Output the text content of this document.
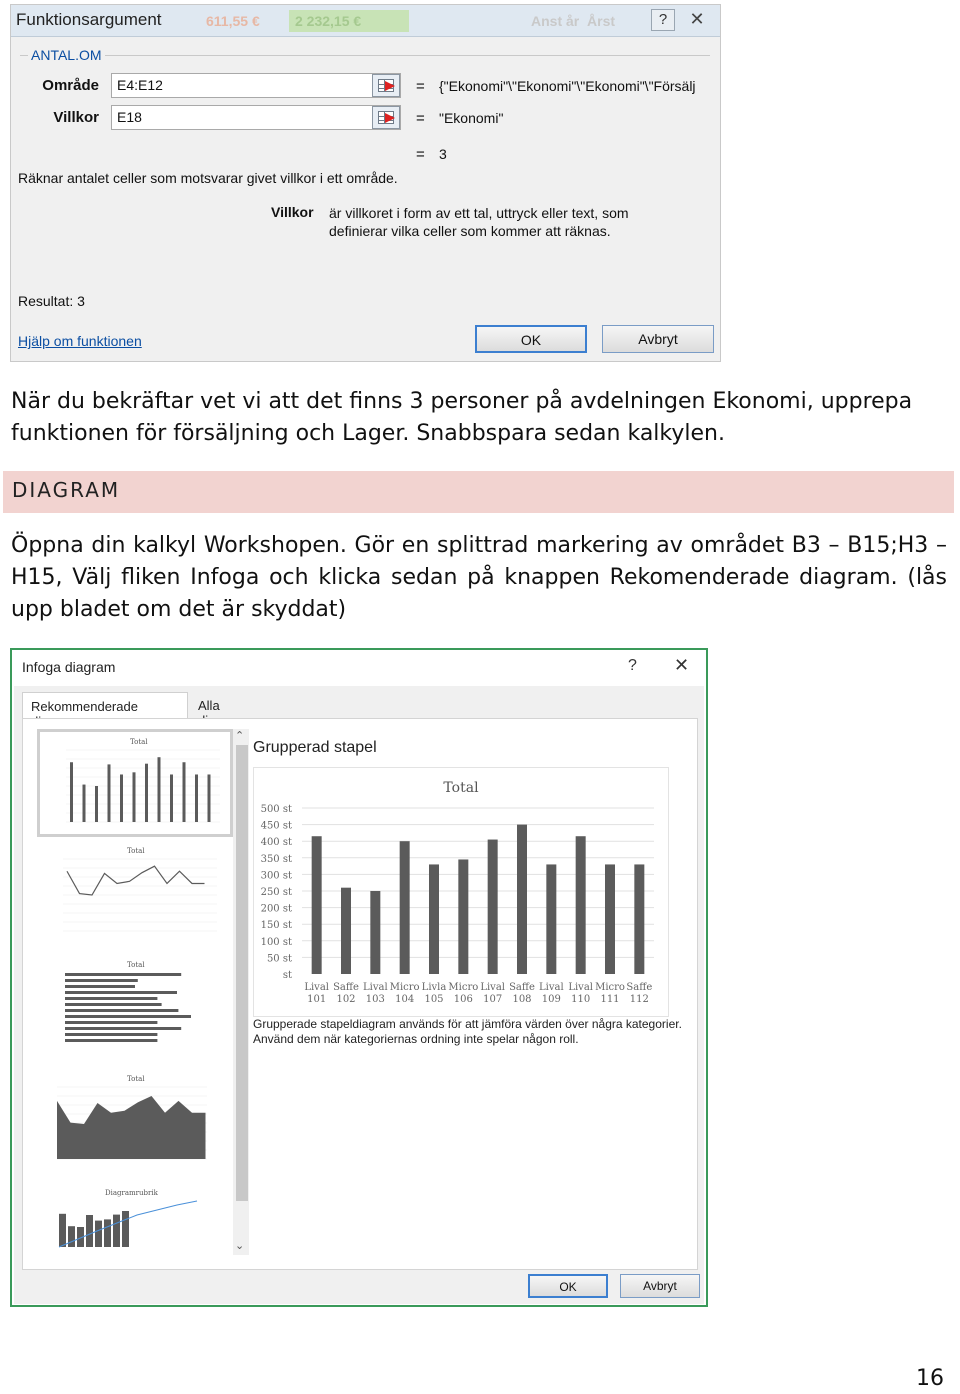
Funktionsargument	611,55 €	2 232,15 €	Anst år Årst	?	✕
ANTAL.OM
Område	E4:E12	= {"Ekonomi"\"Ekonomi"\"Ekonomi"\"Försälj
Villkor	E18	= "Ekonomi"
= 3
Räknar antalet celler som motsvarar givet villkor i ett område.
Villkor är villkoret i form av ett tal, uttryck eller text, som definierar vilka celler som kommer att räknas.
Resultat: 3
Hjälp om funktionen	OK	Avbryt

När du bekräftar vet vi att det finns 3 personer på avdelningen Ekonomi, upprepa funktionen för försäljning och Lager. Snabbspara sedan kalkylen.

DIAGRAM

Öppna din kalkyl Workshopen. Gör en splittrad markering av området B3 – B15;H3 – H15, Välj fliken Infoga och klicka sedan på knappen Rekomenderade diagram. (lås upp bladet om det är skyddat)

Infoga diagram	? ✕
Rekommenderade	Alla
Total
Total
Total
Total
Diagramrubrik
⌃
⌄
Grupperad stapel
Total
st
50 st
100 st
150 st
200 st
250 st
300 st
350 st
400 st
450 st
500 st
Lival
101
Saffe
102
Lival
103
Micro
104
Livla
105
Micro
106
Lival
107
Saffe
108
Lival
109
Lival
110
Micro
111
Saffe
112

Grupperade stapeldiagram används för att jämföra värden över några kategorier. Använd dem när kategoriernas ordning inte spelar någon roll.

OK	Avbryt
16
